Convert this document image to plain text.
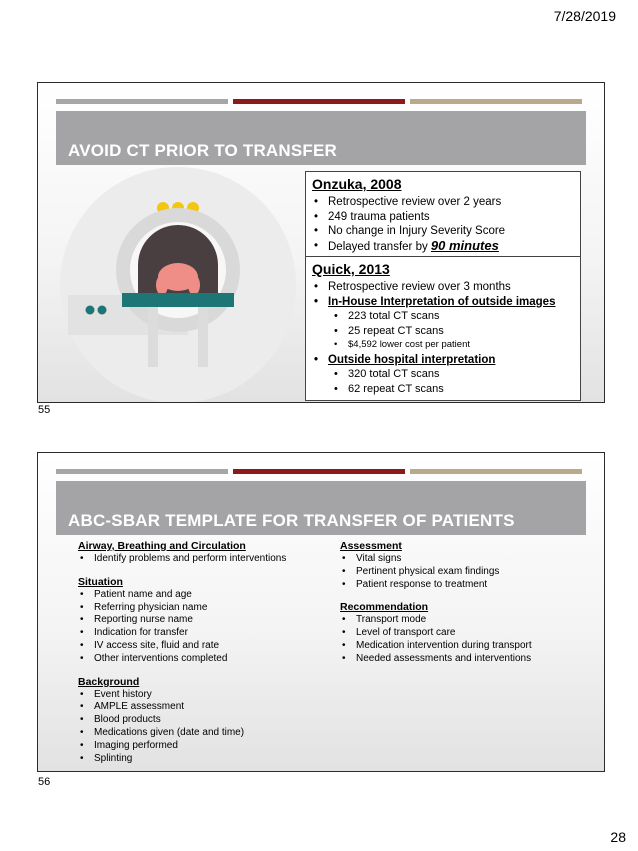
7/28/2019
AVOID CT PRIOR TO TRANSFER
Onzuka, 2008
• Retrospective review over 2 years
• 249 trauma patients
• No change in Injury Severity Score
• Delayed transfer by 90 minutes
Quick, 2013
• Retrospective review over 3 months
• In-House Interpretation of outside images
• 223 total CT scans
• 25 repeat CT scans
• $4,592 lower cost per patient
• Outside hospital interpretation
• 320 total CT scans
• 62 repeat CT scans
55
ABC-SBAR TEMPLATE FOR TRANSFER OF PATIENTS
Airway, Breathing and Circulation
• Identify problems and perform interventions
Situation
• Patient name and age
• Referring physician name
• Reporting nurse name
• Indication for transfer
• IV access site, fluid and rate
• Other interventions completed
Background
• Event history
• AMPLE assessment
• Blood products
• Medications given (date and time)
• Imaging performed
• Splinting
Assessment
• Vital signs
• Pertinent physical exam findings
• Patient response to treatment
Recommendation
• Transport mode
• Level of transport care
• Medication intervention during transport
• Needed assessments and interventions
56
28
